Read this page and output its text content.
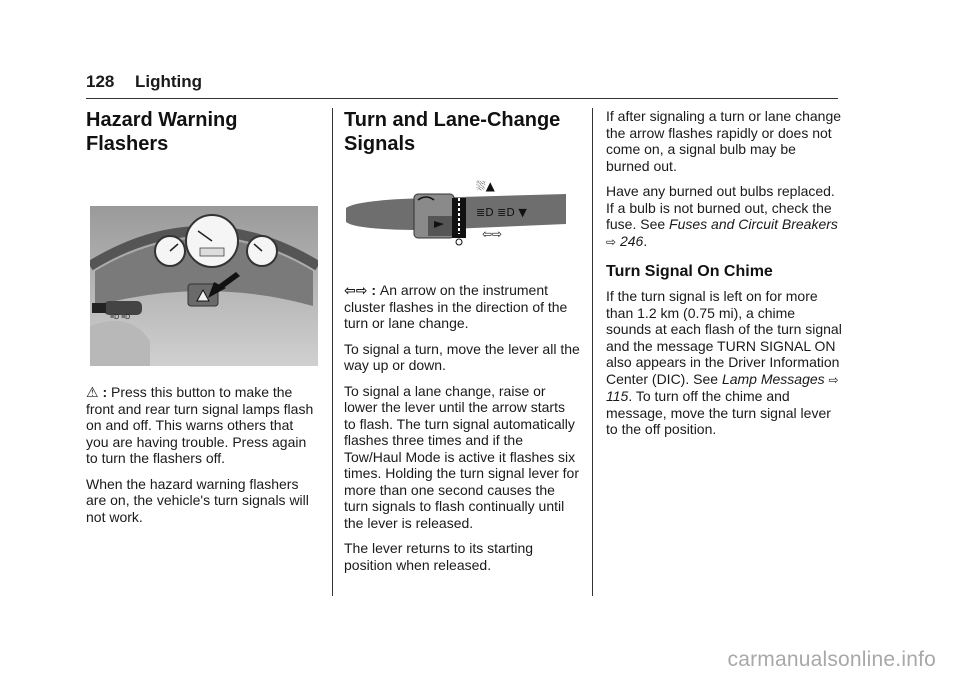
128 Lighting
Hazard Warning Flashers
≡D ≡D

⚠ : Press this button to make the front and rear turn signal lamps flash on and off. This warns others that you are having trouble. Press again to turn the flashers off.

When the hazard warning flashers are on, the vehicle's turn signals will not work.

Turn and Lane-Change Signals
⛆▲
≣D ≣D ▼
⇦⇨

⇦⇨ : An arrow on the instrument cluster flashes in the direction of the turn or lane change.

To signal a turn, move the lever all the way up or down.

To signal a lane change, raise or lower the lever until the arrow starts to flash. The turn signal automatically flashes three times and if the Tow/Haul Mode is active it flashes six times. Holding the turn signal lever for more than one second causes the turn signals to flash continually until the lever is released.

The lever returns to its starting position when released.

If after signaling a turn or lane change the arrow flashes rapidly or does not come on, a signal bulb may be burned out.

Have any burned out bulbs replaced. If a bulb is not burned out, check the fuse. See Fuses and Circuit Breakers ⇨ 246.

Turn Signal On Chime

If the turn signal is left on for more than 1.2 km (0.75 mi), a chime sounds at each flash of the turn signal and the message TURN SIGNAL ON also appears in the Driver Information Center (DIC). See Lamp Messages ⇨ 115. To turn off the chime and message, move the turn signal lever to the off position.

carmanualsonline.info
